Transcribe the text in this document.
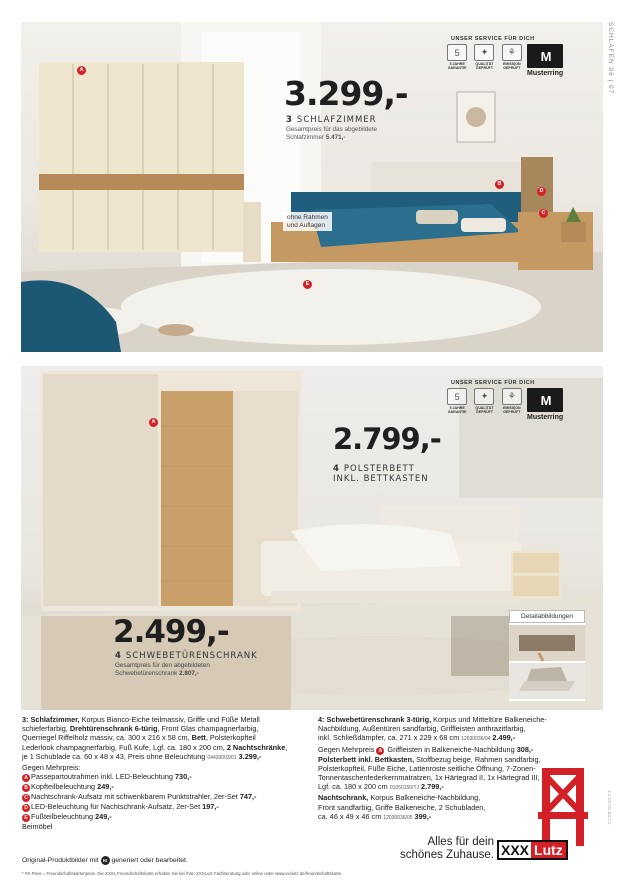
SCHLAFEN 06 | 07
A
B
D
C
E
3.299,-
3 SCHLAFZIMMER
Gesamtpreis für das abgebildete
Schlafzimmer 5.471,-
ohne Rahmen
und Auflagen
UNSER SERVICE FÜR DICH
5
5 JAHRE GARANTIE
✦
QUALITÄT GEPRÜFT
⚘
EMISSION GEPRÜFT
M
Musterring
A	2.799,-
4 POLSTERBETT
INKL. BETTKASTEN
2.499,-
4 SCHWEBETÜRENSCHRANK
Gesamtpreis für den abgebildeten
Schwebetürenschrank 2.807,-
UNSER SERVICE FÜR DICH
5
5 JAHRE GARANTIE
✦
QUALITÄT GEPRÜFT
⚘
EMISSION GEPRÜFT
M
Musterring
Detailabbildungen
3: Schlafzimmer, Korpus Bianco-Eiche teilmassiv, Griffe und Füße Metall
schieferfarbig, Drehtürenschrank 6-türig, Front Glas champagnerfarbig,
Querriegel Riffelholz massiv, ca. 300 x 216 x 58 cm, Bett, Polsterkopfteil
Lederlook champagnerfarbig, Fuß Kufe, Lgf. ca. 180 x 200 cm, 2 Nachtschränke,
je 1 Schublade ca. 60 x 48 x 43, Preis ohne Beleuchtung 04420003/01 3.299,-
Gegen Mehrpreis:
A Passepartoutrahmen inkl. LED-Beleuchtung 730,-
B Kopfteilbeleuchtung 249,-
C Nachtschrank-Aufsatz mit schwenkbarem Punktstrahler, 2er-Set 747,-
D LED-Beleuchtung für Nachtschrank-Aufsatz, 2er-Set 197,-
E Fußteilbeleuchtung 249,-
Beimöbel
4: Schwebetürenschrank 3-türig, Korpus und Mitteltüre Balkeneiche-
Nachbildung, Außentüren sandfarbig, Griffleisten anthrazitfarbig,
inkl. Schließdämpfer, ca. 271 x 229 x 68 cm 12030036/04 2.499,-
Gegen Mehrpreis A Griffleisten in Balkeneiche-Nachbildung 308,-
Polsterbett inkl. Bettkasten, Stoffbezug beige, Rahmen sandfarbig,
Polsterkopfteil, Füße Eiche, Lattenroste seitliche Öffnung, 7-Zonen-
Tonnentaschenfederkernmatratzen, 1x Härtegrad II, 1x Härtegrad III,
Lgf. ca. 180 x 200 cm 01050150/TJ 2.799,-
Nachtschrank, Korpus Balkeneiche-Nachbildung,
Front sandfarbig, Griffe Balkeneiche, 2 Schubladen,
ca. 46 x 49 x 46 cm 12030036/05 399,-
Alles für dein
schönes Zuhause. XXX Lutz
Original-Produktbilder mit KI generiert oder bearbeitet.
* FK-Preis = Freundschaftskartenpreis. Die XXXL Freundschaftskarte erhalten Sie bei Ihrer XXXLutz Fachberatung oder online unter www.xxxlutz.de/freundschaftskarte.
1.1.CC.01.B3.2.2
